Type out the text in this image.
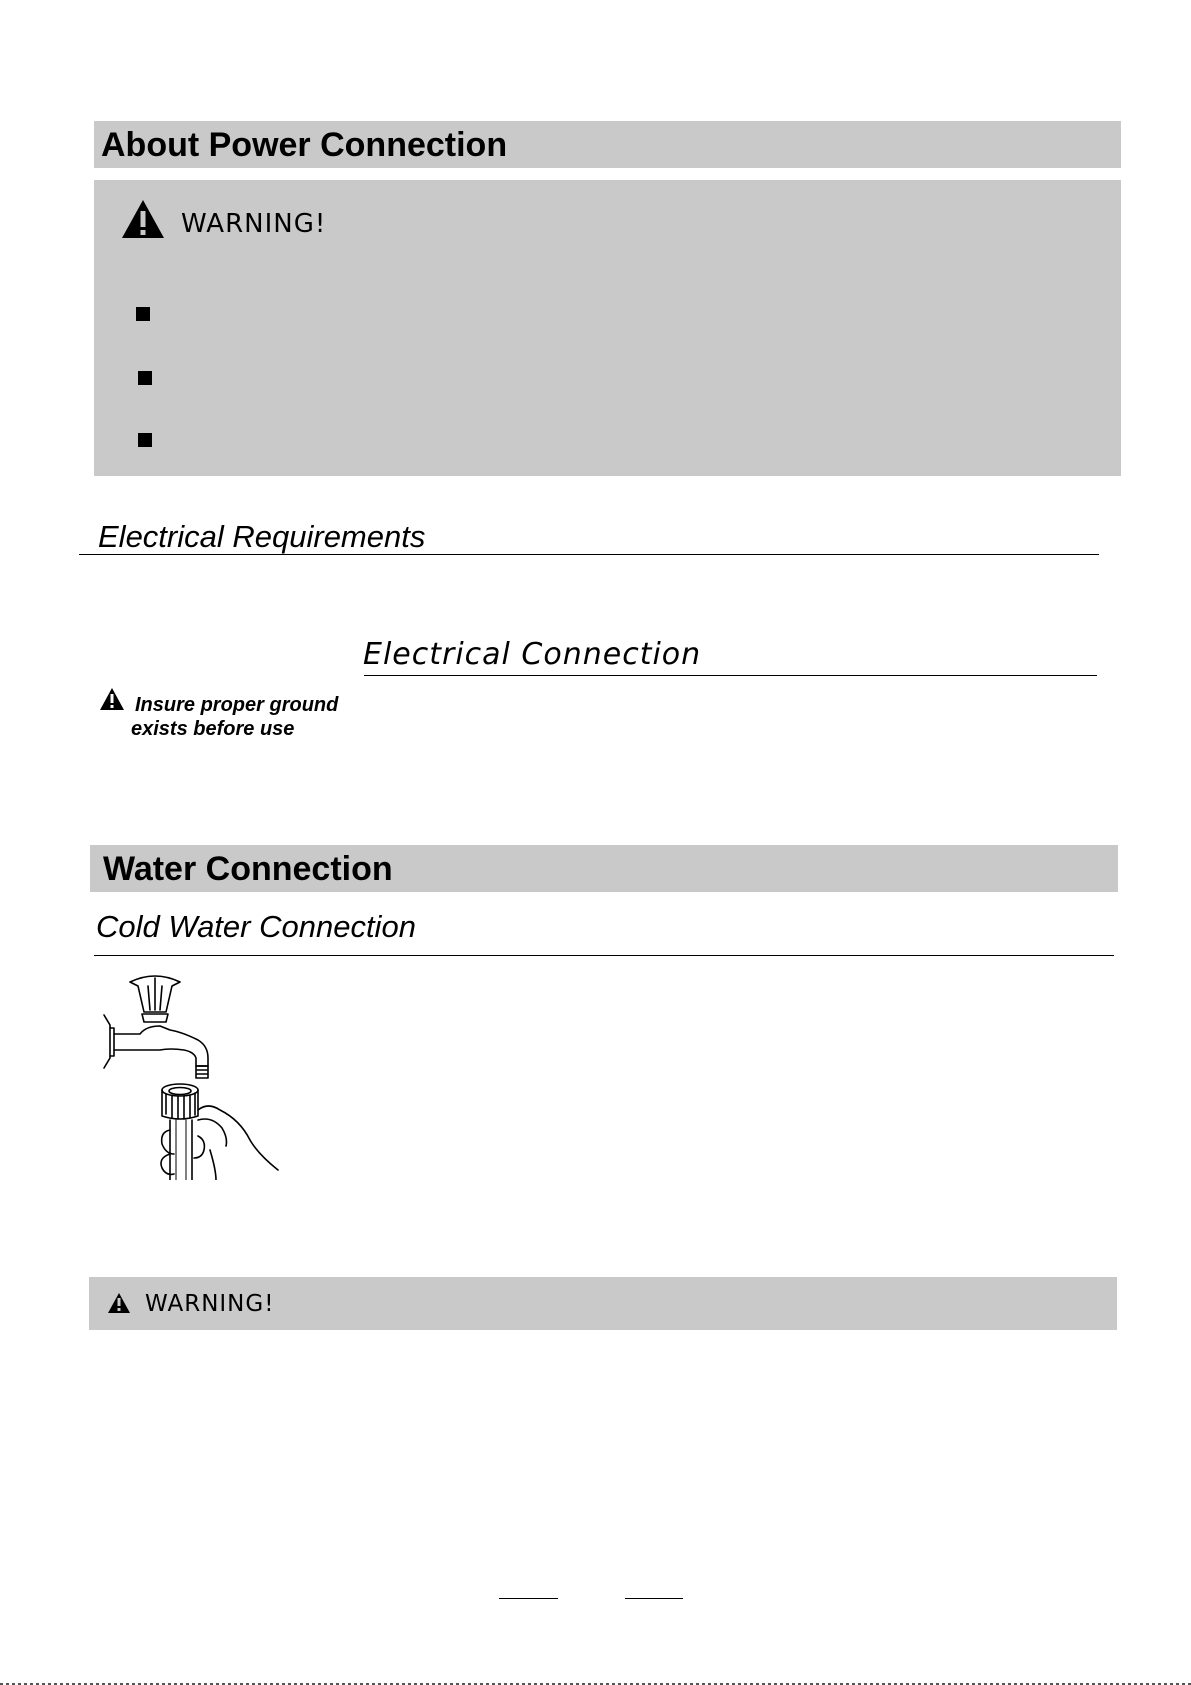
About Power Connection
WARNING!
Electrical Requirements
Electrical Connection
Insure proper ground
exists before use
Water Connection
Cold Water Connection
WARNING!
